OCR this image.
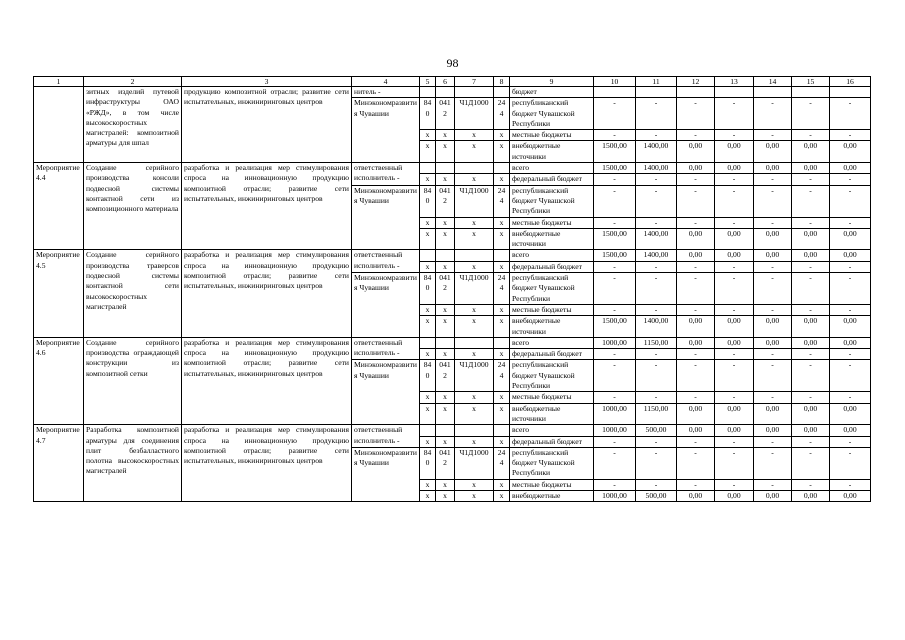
98
1	2	3	4	5	6	7	8	9	10	11	12	13	14	15	16
	зитных изделий путевой инфраструктуры ОАО «РЖД», в том числе высокоскоростных магистралей: композитной арматуры для шпал	продукцию композитной отрасли; развитие сети испытательных, инжиниринговых центров	нитель -					бюджет							
			Минэкономразвития Чувашии	840	0412	Ч1Д1000	244	республиканский бюджет Чувашской Республики	-	-	-	-	-	-	-
				x	x	x	x	местные бюджеты	-	-	-	-	-	-	-
				x	x	x	x	внебюджетные источники	1500,00	1400,00	0,00	0,00	0,00	0,00	0,00
Мероприятие 4.4	Создание серийного производства консоли подвесной системы контактной сети из композиционного материала	разработка и реализация мер стимулирования спроса на инновационную продукцию композитной отрасли; развитие сети испытательных, инжиниринговых центров	ответственный исполнитель -					всего	1500,00	1400,00	0,00	0,00	0,00	0,00	0,00
				x	x	x	x	федеральный бюджет	-	-	-	-	-	-	-
			Минэкономразвития Чувашии	840	0412	Ч1Д1000	244	республиканский бюджет Чувашской Республики	-	-	-	-	-	-	-
				x	x	x	x	местные бюджеты	-	-	-	-	-	-	-
				x	x	x	x	внебюджетные источники	1500,00	1400,00	0,00	0,00	0,00	0,00	0,00
Мероприятие 4.5	Создание серийного производства траверсов подвесной системы контактной сети высокоскоростных магистралей	разработка и реализация мер стимулирования спроса на инновационную продукцию композитной отрасли; развитие сети испытательных, инжиниринговых центров	ответственный исполнитель -					всего	1500,00	1400,00	0,00	0,00	0,00	0,00	0,00
				x	x	x	x	федеральный бюджет	-	-	-	-	-	-	-
			Минэкономразвития Чувашии	840	0412	Ч1Д1000	244	республиканский бюджет Чувашской Республики	-	-	-	-	-	-	-
				x	x	x	x	местные бюджеты	-	-	-	-	-	-	-
				x	x	x	x	внебюджетные источники	1500,00	1400,00	0,00	0,00	0,00	0,00	0,00
Мероприятие 4.6	Создание серийного производства ограждающей конструкции из композитной сетки	разработка и реализация мер стимулирования спроса на инновационную продукцию композитной отрасли; развитие сети испытательных, инжиниринговых центров	ответственный исполнитель -					всего	1000,00	1150,00	0,00	0,00	0,00	0,00	0,00
				x	x	x	x	федеральный бюджет	-	-	-	-	-	-	-
			Минэкономразвития Чувашии	840	0412	Ч1Д1000	244	республиканский бюджет Чувашской Республики	-	-	-	-	-	-	-
				x	x	x	x	местные бюджеты	-	-	-	-	-	-	-
				x	x	x	x	внебюджетные источники	1000,00	1150,00	0,00	0,00	0,00	0,00	0,00
Мероприятие 4.7	Разработка композитной арматуры для соединения плит безбалластного полотна высокоскоростных магистралей	разработка и реализация мер стимулирования спроса на инновационную продукцию композитной отрасли; развитие сети испытательных, инжиниринговых центров	ответственный исполнитель -					всего	1000,00	500,00	0,00	0,00	0,00	0,00	0,00
				x	x	x	x	федеральный бюджет	-	-	-	-	-	-	-
			Минэкономразвития Чувашии	840	0412	Ч1Д1000	244	республиканский бюджет Чувашской Республики	-	-	-	-	-	-	-
				x	x	x	x	местные бюджеты	-	-	-	-	-	-	-
				x	x	x	x	внебюджетные	1000,00	500,00	0,00	0,00	0,00	0,00	0,00
